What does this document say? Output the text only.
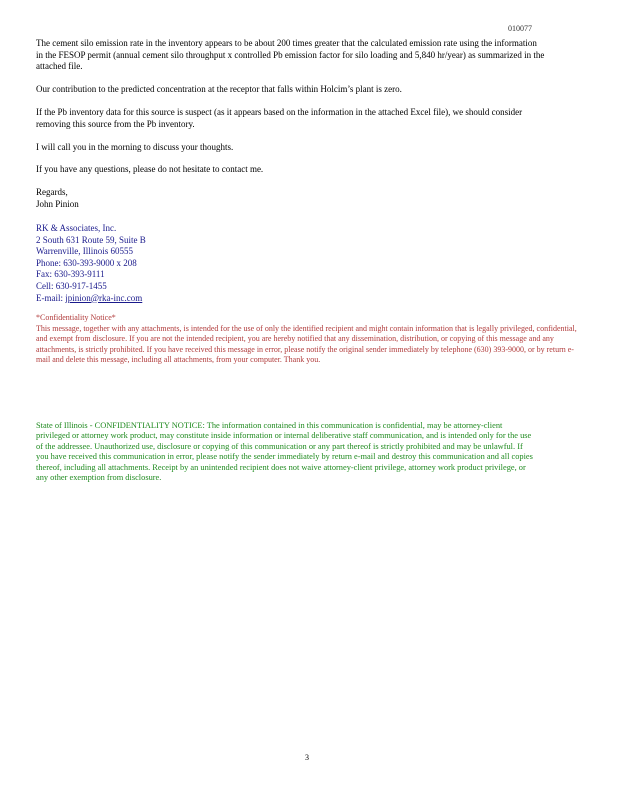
010077

The cement silo emission rate in the inventory appears to be about 200 times greater that the calculated emission rate using the information in the FESOP permit (annual cement silo throughput x controlled Pb emission factor for silo loading and 5,840 hr/year) as summarized in the attached file.

Our contribution to the predicted concentration at the receptor that falls within Holcim’s plant is zero.

If the Pb inventory data for this source is suspect (as it appears based on the information in the attached Excel file), we should consider removing this source from the Pb inventory.

I will call you in the morning to discuss your thoughts.

If you have any questions, please do not hesitate to contact me.

Regards,
John Pinion
RK & Associates, Inc.
2 South 631 Route 59, Suite B
Warrenville, Illinois 60555
Phone: 630-393-9000 x 208
Fax: 630-393-9111
Cell: 630-917-1455
E-mail: jpinion@rka-inc.com
*Confidentiality Notice*
This message, together with any attachments, is intended for the use of only the identified recipient and might contain information that is legally privileged, confidential, and exempt from disclosure. If you are not the intended recipient, you are hereby notified that any dissemination, distribution, or copying of this message and any attachments, is strictly prohibited. If you have received this message in error, please notify the original sender immediately by telephone (630) 393-9000, or by return e-mail and delete this message, including all attachments, from your computer. Thank you.
State of Illinois - CONFIDENTIALITY NOTICE: The information contained in this communication is confidential, may be attorney-client privileged or attorney work product, may constitute inside information or internal deliberative staff communication, and is intended only for the use of the addressee. Unauthorized use, disclosure or copying of this communication or any part thereof is strictly prohibited and may be unlawful. If you have received this communication in error, please notify the sender immediately by return e-mail and destroy this communication and all copies thereof, including all attachments. Receipt by an unintended recipient does not waive attorney-client privilege, attorney work product privilege, or any other exemption from disclosure.
3
